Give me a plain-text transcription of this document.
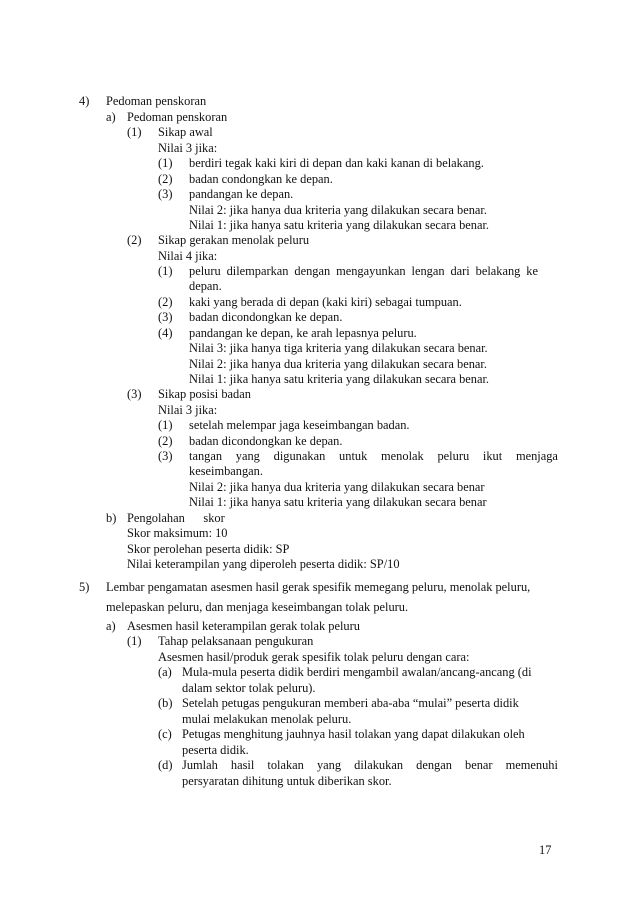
4) Pedoman penskoran
a) Pedoman penskoran
(1) Sikap awal
Nilai 3 jika:
(1) berdiri tegak kaki kiri di depan dan kaki kanan di belakang.
(2) badan condongkan ke depan.
(3) pandangan ke depan.
Nilai 2: jika hanya dua kriteria yang dilakukan secara benar.
Nilai 1: jika hanya satu kriteria yang dilakukan secara benar.
(2) Sikap gerakan menolak peluru
Nilai 4 jika:
(1) peluru dilemparkan dengan mengayunkan lengan dari belakang ke
depan.
(2) kaki yang berada di depan (kaki kiri) sebagai tumpuan.
(3) badan dicondongkan ke depan.
(4) pandangan ke depan, ke arah lepasnya peluru.
Nilai 3: jika hanya tiga kriteria yang dilakukan secara benar.
Nilai 2: jika hanya dua kriteria yang dilakukan secara benar.
Nilai 1: jika hanya satu kriteria yang dilakukan secara benar.
(3) Sikap posisi badan
Nilai 3 jika:
(1) setelah melempar jaga keseimbangan badan.
(2) badan dicondongkan ke depan.
(3) tangan yang digunakan untuk menolak peluru ikut menjaga
keseimbangan.
Nilai 2: jika hanya dua kriteria yang dilakukan secara benar
Nilai 1: jika hanya satu kriteria yang dilakukan secara benar
b) Pengolahan      skor
Skor maksimum: 10
Skor perolehan peserta didik: SP
Nilai keterampilan yang diperoleh peserta didik: SP/10
5) Lembar pengamatan asesmen hasil gerak spesifik memegang peluru, menolak peluru,
melepaskan peluru, dan menjaga keseimbangan tolak peluru.
a) Asesmen hasil keterampilan gerak tolak peluru
(1) Tahap pelaksanaan pengukuran
Asesmen hasil/produk gerak spesifik tolak peluru dengan cara:
(a) Mula-mula peserta didik berdiri mengambil awalan/ancang-ancang (di
dalam sektor tolak peluru).
(b) Setelah petugas pengukuran memberi aba-aba “mulai” peserta didik
mulai melakukan menolak peluru.
(c) Petugas menghitung jauhnya hasil tolakan yang dapat dilakukan oleh
peserta didik.
(d) Jumlah hasil tolakan yang dilakukan dengan benar memenuhi
persyaratan dihitung untuk diberikan skor.
17
